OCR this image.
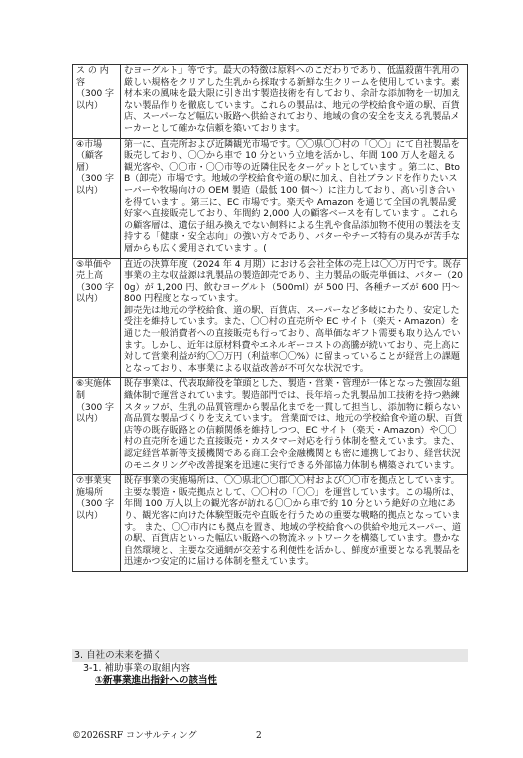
ス の 内 容
（300 字以内）	むヨーグルト」等です。最大の特徴は原料へのこだわりであり、低温殺菌牛乳用の厳しい規格をクリアした生乳から採取する新鮮な生クリームを使用しています。素材本来の風味を最大限に引き出す製造技術を有しており、余計な添加物を一切加えない製品作りを徹底しています。これらの製品は、地元の学校給食や道の駅、百貨店、スーパーなど幅広い販路へ供給されており、地域の食の安全を支える乳製品メーカーとして確かな信頼を築いております。
④市場（顧客層）
（300 字以内）	第一に、直売所および近隣観光市場です。〇〇県〇〇村の「〇〇」にて自社製品を販売しており、〇〇から車で 10 分という立地を活かし、年間 100 万人を超える観光客や、〇〇市・〇〇市等の近隣住民をターゲットとしています 。第二に、BtoB（卸売）市場です。地域の学校給食や道の駅に加え、自社ブランドを作りたいスーパーや牧場向けの OEM 製造（最低 100 個〜）に注力しており、高い引き合いを得ています 。第三に、EC 市場です。楽天や Amazon を通じて全国の乳製品愛好家へ直接販売しており、年間約 2,000 人の顧客ベースを有しています 。これらの顧客層は、遺伝子組み換えでない飼料による生乳や食品添加物不使用の製法を支持する「健康・安全志向」の強い方々であり、バターやチーズ特有の臭みが苦手な層からも広く愛用されています 。(
⑤単価や売上高
（300 字以内）	直近の決算年度（2024 年 4 月期）における会社全体の売上は〇〇万円です。既存事業の主な収益源は乳製品の製造卸売であり、主力製品の販売単価は、バター（200g）が 1,200 円、飲むヨーグルト（500ml）が 500 円、各種チーズが 600 円〜800 円程度となっています。
卸売先は地元の学校給食、道の駅、百貨店、スーパーなど多岐にわたり、安定した受注を維持しています。また、〇〇村の直売所や EC サイト（楽天・Amazon）を通じた一般消費者への直接販売も行っており、高単価なギフト需要も取り込んでいます。しかし、近年は原材料費やエネルギーコストの高騰が続いており、売上高に対して営業利益が約〇〇万円（利益率〇〇%）に留まっていることが経営上の課題となっており、本事業による収益改善が不可欠な状況です。
⑥実施体制
（300 字以内）	既存事業は、代表取締役を筆頭とした、製造・営業・管理が一体となった強固な組織体制で運営されています。製造部門では、長年培った乳製品加工技術を持つ熟練スタッフが、生乳の品質管理から製品化までを一貫して担当し、添加物に頼らない高品質な製品づくりを支えています。 営業面では、地元の学校給食や道の駅、百貨店等の既存販路との信頼関係を維持しつつ、EC サイト（楽天・Amazon）や〇〇村の直売所を通じた直接販売・カスタマー対応を行う体制を整えています。また、認定経営革新等支援機関である商工会や金融機関とも密に連携しており、経営状況のモニタリングや改善提案を迅速に実行できる外部協力体制も構築されています。
⑦事業実施場所
（300 字以内）	既存事業の実施場所は、〇〇県北〇〇郡〇〇村および〇〇市を拠点としています。 主要な製造・販売拠点として、〇〇村の「〇〇」を運営しています。この場所は、年間 100 万人以上の観光客が訪れる〇〇から車で約 10 分という絶好の立地にあり、観光客に向けた体験型販売や直販を行うための重要な戦略的拠点となっています。 また、〇〇市内にも拠点を置き、地域の学校給食への供給や地元スーパー、道の駅、百貨店といった幅広い販路への物流ネットワークを構築しています。豊かな自然環境と、主要な交通網が交差する利便性を活かし、鮮度が重要となる乳製品を迅速かつ安定的に届ける体制を整えています。
3. 自社の未来を描く
3-1. 補助事業の取組内容
①新事業進出指針への該当性
©2026SRF コンサルティング	2
